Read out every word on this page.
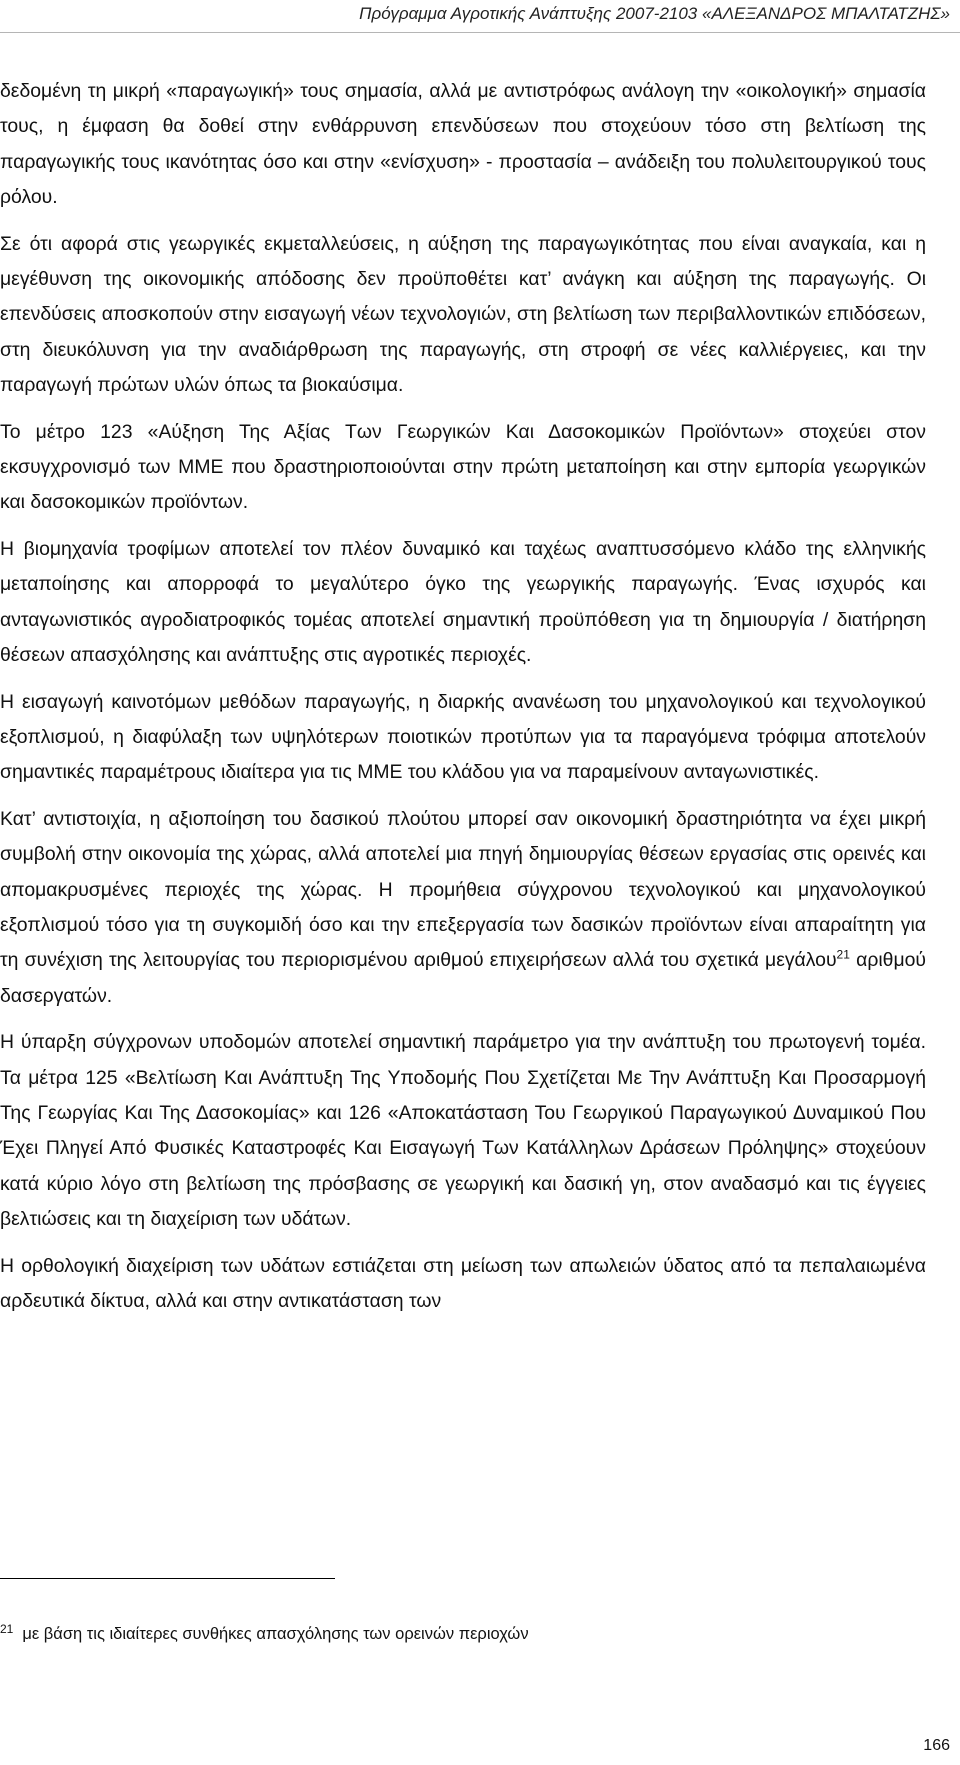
Πρόγραμμα Αγροτικής Ανάπτυξης 2007-2103 «ΑΛΕΞΑΝΔΡΟΣ ΜΠΑΛΤΑΤΖΗΣ»

δεδομένη τη μικρή «παραγωγική» τους σημασία, αλλά με αντιστρόφως ανάλογη την «οικολογική» σημασία τους, η έμφαση θα δοθεί στην ενθάρρυνση επενδύσεων που στοχεύουν τόσο στη βελτίωση της παραγωγικής τους ικανότητας όσο και στην «ενίσχυση» - προστασία – ανάδειξη του πολυλειτουργικού τους ρόλου.

Σε ότι αφορά στις γεωργικές εκμεταλλεύσεις, η αύξηση της παραγωγικότητας που είναι αναγκαία, και η μεγέθυνση της οικονομικής απόδοσης δεν προϋποθέτει κατ’ ανάγκη και αύξηση της παραγωγής. Οι επενδύσεις αποσκοπούν στην εισαγωγή νέων τεχνολογιών, στη βελτίωση των περιβαλλοντικών επιδόσεων, στη διευκόλυνση για την αναδιάρθρωση της παραγωγής, στη στροφή σε νέες καλλιέργειες, και την παραγωγή πρώτων υλών όπως τα βιοκαύσιμα.

Το μέτρο 123 «Αύξηση Της Αξίας Των Γεωργικών Και Δασοκομικών Προϊόντων» στοχεύει στον εκσυγχρονισμό των ΜΜΕ που δραστηριοποιούνται στην πρώτη μεταποίηση και στην εμπορία γεωργικών και δασοκομικών προϊόντων.

Η βιομηχανία τροφίμων αποτελεί τον πλέον δυναμικό και ταχέως αναπτυσσόμενο κλάδο της ελληνικής μεταποίησης και απορροφά το μεγαλύτερο όγκο της γεωργικής παραγωγής. Ένας ισχυρός και ανταγωνιστικός αγροδιατροφικός τομέας αποτελεί σημαντική προϋπόθεση για τη δημιουργία / διατήρηση θέσεων απασχόλησης και ανάπτυξης στις αγροτικές περιοχές.

Η εισαγωγή καινοτόμων μεθόδων παραγωγής, η διαρκής ανανέωση του μηχανολογικού και τεχνολογικού εξοπλισμού, η διαφύλαξη των υψηλότερων ποιοτικών προτύπων για τα παραγόμενα τρόφιμα αποτελούν σημαντικές παραμέτρους ιδιαίτερα για τις ΜΜΕ του κλάδου για να παραμείνουν ανταγωνιστικές.

Κατ’ αντιστοιχία, η αξιοποίηση του δασικού πλούτου μπορεί σαν οικονομική δραστηριότητα να έχει μικρή συμβολή στην οικονομία της χώρας, αλλά αποτελεί μια πηγή δημιουργίας θέσεων εργασίας στις ορεινές και απομακρυσμένες περιοχές της χώρας. Η προμήθεια σύγχρονου τεχνολογικού και μηχανολογικού εξοπλισμού τόσο για τη συγκομιδή όσο και την επεξεργασία των δασικών προϊόντων είναι απαραίτητη για τη συνέχιση της λειτουργίας του περιορισμένου αριθμού επιχειρήσεων αλλά του σχετικά μεγάλου$^{21}$ αριθμού δασεργατών.

Η ύπαρξη σύγχρονων υποδομών αποτελεί σημαντική παράμετρο για την ανάπτυξη του πρωτογενή τομέα. Τα μέτρα 125 «Βελτίωση Και Ανάπτυξη Της Υποδομής Που Σχετίζεται Με Την Ανάπτυξη Και Προσαρμογή Της Γεωργίας Και Της Δασοκομίας» και 126 «Αποκατάσταση Του Γεωργικού Παραγωγικού Δυναμικού Που Έχει Πληγεί Από Φυσικές Καταστροφές Και Εισαγωγή Των Κατάλληλων Δράσεων Πρόληψης» στοχεύουν κατά κύριο λόγο στη βελτίωση της πρόσβασης σε γεωργική και δασική γη, στον αναδασμό και τις έγγειες βελτιώσεις και τη διαχείριση των υδάτων.

Η ορθολογική διαχείριση των υδάτων εστιάζεται στη μείωση των απωλειών ύδατος από τα πεπαλαιωμένα αρδευτικά δίκτυα, αλλά και στην αντικατάσταση των

$^{21}$ με βάση τις ιδιαίτερες συνθήκες απασχόλησης των ορεινών περιοχών
166
